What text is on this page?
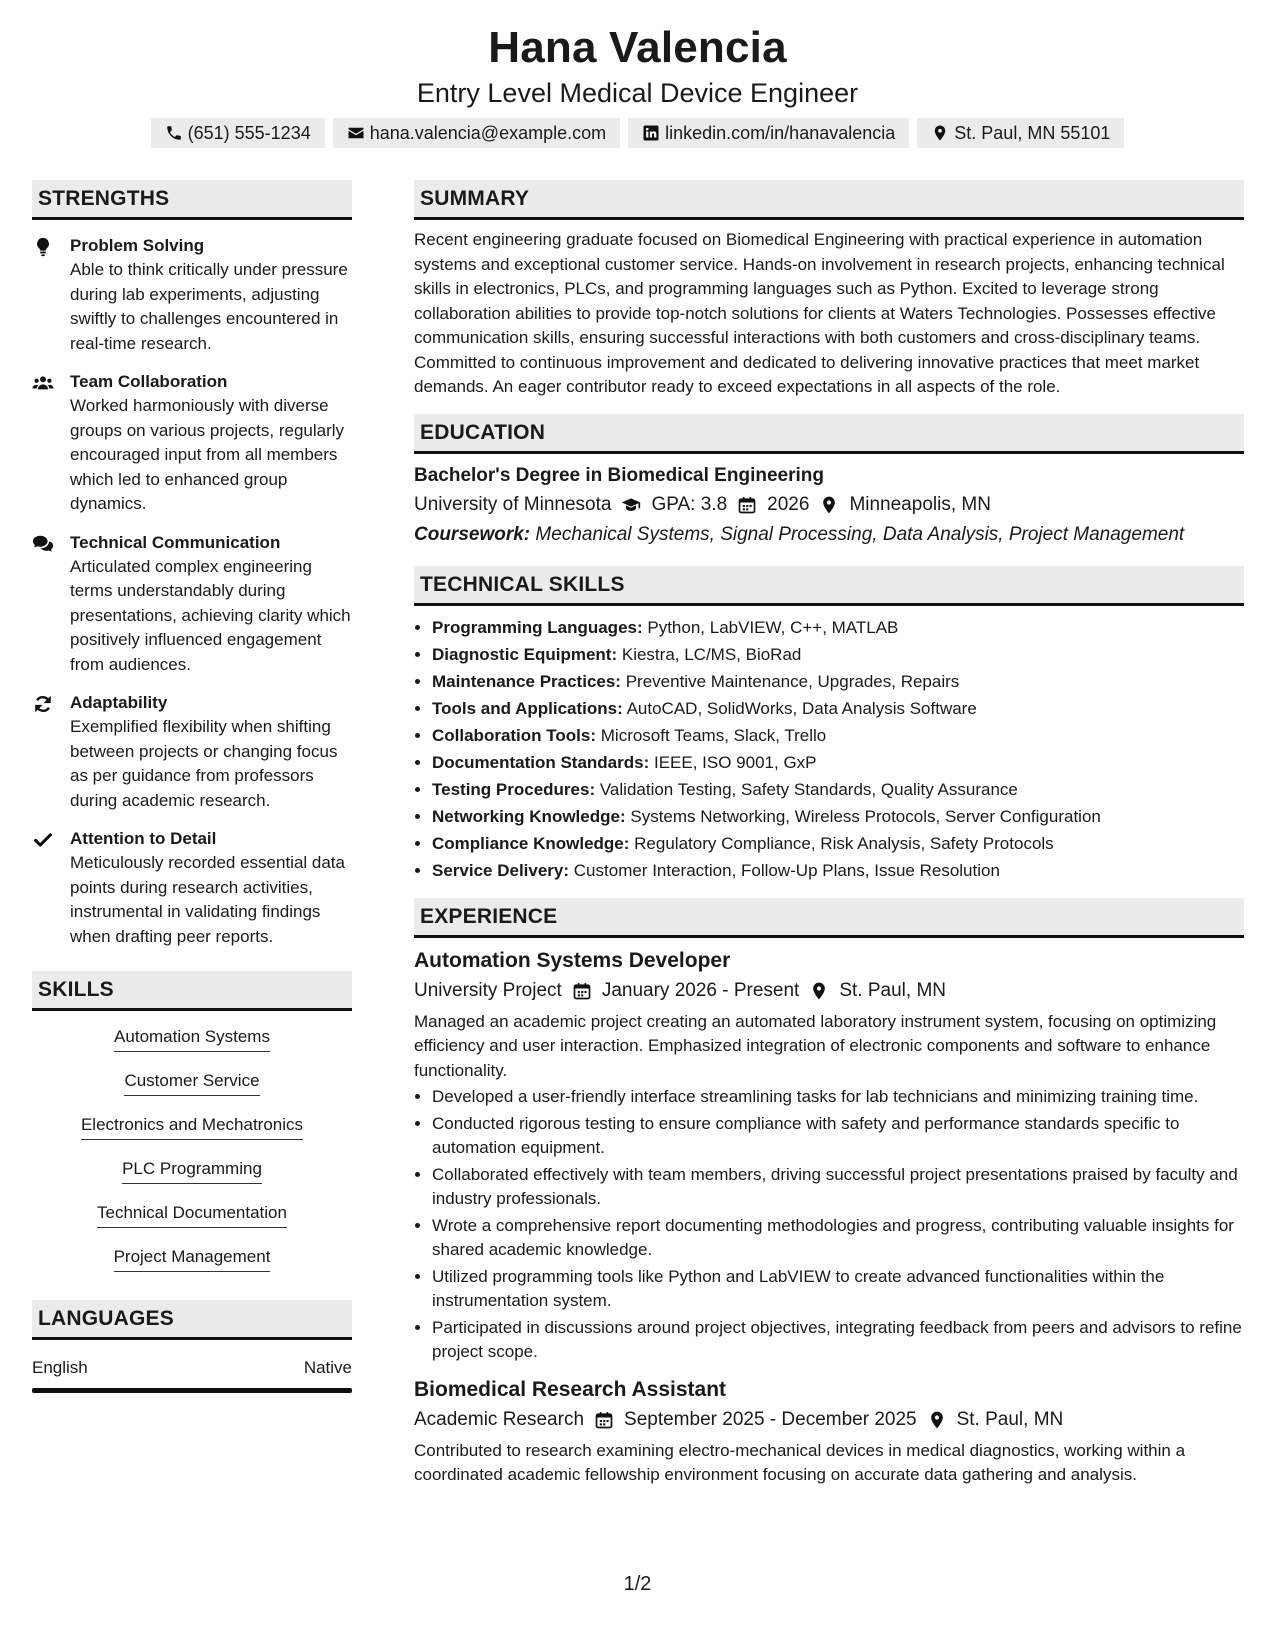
Hana Valencia
Entry Level Medical Device Engineer
(651) 555-1234	hana.valencia@example.com	linkedin.com/in/hanavalencia	St. Paul, MN 55101
STRENGTHS
Problem Solving
Able to think critically under pressure during lab experiments, adjusting swiftly to challenges encountered in real-time research.
Team Collaboration
Worked harmoniously with diverse groups on various projects, regularly encouraged input from all members which led to enhanced group dynamics.
Technical Communication
Articulated complex engineering terms understandably during presentations, achieving clarity which positively influenced engagement from audiences.
Adaptability
Exemplified flexibility when shifting between projects or changing focus as per guidance from professors during academic research.
Attention to Detail
Meticulously recorded essential data points during research activities, instrumental in validating findings when drafting peer reports.
SKILLS
Automation Systems
Customer Service
Electronics and Mechatronics
PLC Programming
Technical Documentation
Project Management
LANGUAGES
English	Native
SUMMARY
Recent engineering graduate focused on Biomedical Engineering with practical experience in automation systems and exceptional customer service. Hands-on involvement in research projects, enhancing technical skills in electronics, PLCs, and programming languages such as Python. Excited to leverage strong collaboration abilities to provide top-notch solutions for clients at Waters Technologies. Possesses effective communication skills, ensuring successful interactions with both customers and cross-disciplinary teams. Committed to continuous improvement and dedicated to delivering innovative practices that meet market demands. An eager contributor ready to exceed expectations in all aspects of the role.
EDUCATION
Bachelor's Degree in Biomedical Engineering
University of Minnesota GPA: 3.8 2026 Minneapolis, MN
Coursework: Mechanical Systems, Signal Processing, Data Analysis, Project Management
TECHNICAL SKILLS
• Programming Languages: Python, LabVIEW, C++, MATLAB
• Diagnostic Equipment: Kiestra, LC/MS, BioRad
• Maintenance Practices: Preventive Maintenance, Upgrades, Repairs
• Tools and Applications: AutoCAD, SolidWorks, Data Analysis Software
• Collaboration Tools: Microsoft Teams, Slack, Trello
• Documentation Standards: IEEE, ISO 9001, GxP
• Testing Procedures: Validation Testing, Safety Standards, Quality Assurance
• Networking Knowledge: Systems Networking, Wireless Protocols, Server Configuration
• Compliance Knowledge: Regulatory Compliance, Risk Analysis, Safety Protocols
• Service Delivery: Customer Interaction, Follow-Up Plans, Issue Resolution
EXPERIENCE
Automation Systems Developer
University Project January 2026 - Present St. Paul, MN
Managed an academic project creating an automated laboratory instrument system, focusing on optimizing efficiency and user interaction. Emphasized integration of electronic components and software to enhance functionality.
• Developed a user-friendly interface streamlining tasks for lab technicians and minimizing training time.
• Conducted rigorous testing to ensure compliance with safety and performance standards specific to automation equipment.
• Collaborated effectively with team members, driving successful project presentations praised by faculty and industry professionals.
• Wrote a comprehensive report documenting methodologies and progress, contributing valuable insights for shared academic knowledge.
• Utilized programming tools like Python and LabVIEW to create advanced functionalities within the instrumentation system.
• Participated in discussions around project objectives, integrating feedback from peers and advisors to refine project scope.
Biomedical Research Assistant
Academic Research September 2025 - December 2025 St. Paul, MN
Contributed to research examining electro-mechanical devices in medical diagnostics, working within a coordinated academic fellowship environment focusing on accurate data gathering and analysis.
1/2
